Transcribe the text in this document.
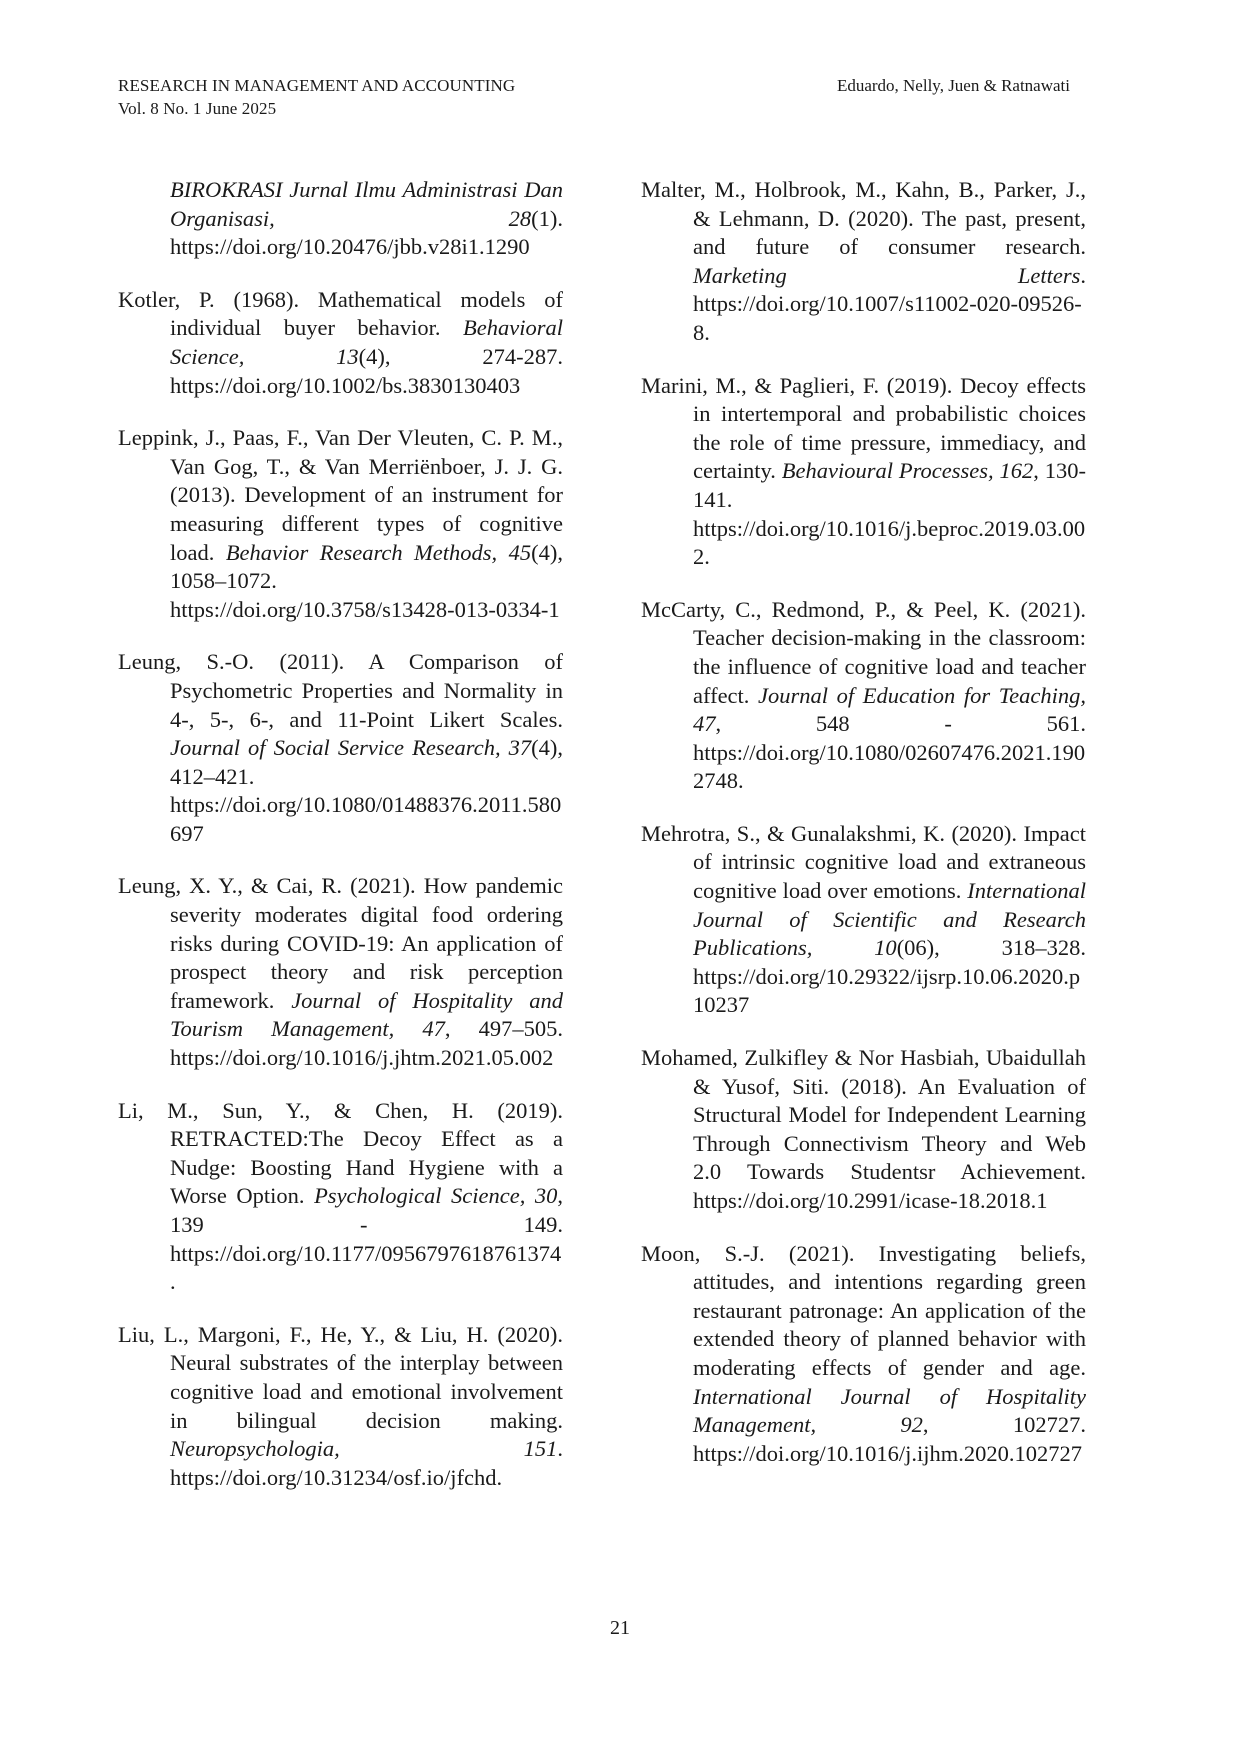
RESEARCH IN MANAGEMENT AND ACCOUNTING
Vol. 8 No. 1 June 2025
Eduardo, Nelly, Juen & Ratnawati

BIROKRASI Jurnal Ilmu Administrasi Dan Organisasi, 28(1). https://doi.org/10.20476/jbb.v28i1.1290

Kotler, P. (1968). Mathematical models of individual buyer behavior. Behavioral Science, 13(4), 274-287. https://doi.org/10.1002/bs.3830130403

Leppink, J., Paas, F., Van Der Vleuten, C. P. M., Van Gog, T., & Van Merriënboer, J. J. G. (2013). Development of an instrument for measuring different types of cognitive load. Behavior Research Methods, 45(4), 1058–1072. https://doi.org/10.3758/s13428-013-0334-1

Leung, S.-O. (2011). A Comparison of Psychometric Properties and Normality in 4-, 5-, 6-, and 11-Point Likert Scales. Journal of Social Service Research, 37(4), 412–421. https://doi.org/10.1080/01488376.2011.580697

Leung, X. Y., & Cai, R. (2021). How pandemic severity moderates digital food ordering risks during COVID-19: An application of prospect theory and risk perception framework. Journal of Hospitality and Tourism Management, 47, 497–505. https://doi.org/10.1016/j.jhtm.2021.05.002

Li, M., Sun, Y., & Chen, H. (2019). RETRACTED:The Decoy Effect as a Nudge: Boosting Hand Hygiene with a Worse Option. Psychological Science, 30, 139 - 149. https://doi.org/10.1177/0956797618761374.

Liu, L., Margoni, F., He, Y., & Liu, H. (2020). Neural substrates of the interplay between cognitive load and emotional involvement in bilingual decision making. Neuropsychologia, 151. https://doi.org/10.31234/osf.io/jfchd.

Malter, M., Holbrook, M., Kahn, B., Parker, J., & Lehmann, D. (2020). The past, present, and future of consumer research. Marketing Letters. https://doi.org/10.1007/s11002-020-09526-8.

Marini, M., & Paglieri, F. (2019). Decoy effects in intertemporal and probabilistic choices the role of time pressure, immediacy, and certainty. Behavioural Processes, 162, 130-141. https://doi.org/10.1016/j.beproc.2019.03.002.

McCarty, C., Redmond, P., & Peel, K. (2021). Teacher decision-making in the classroom: the influence of cognitive load and teacher affect. Journal of Education for Teaching, 47, 548 - 561. https://doi.org/10.1080/02607476.2021.1902748.

Mehrotra, S., & Gunalakshmi, K. (2020). Impact of intrinsic cognitive load and extraneous cognitive load over emotions. International Journal of Scientific and Research Publications, 10(06), 318–328. https://doi.org/10.29322/ijsrp.10.06.2020.p10237

Mohamed, Zulkifley & Nor Hasbiah, Ubaidullah & Yusof, Siti. (2018). An Evaluation of Structural Model for Independent Learning Through Connectivism Theory and Web 2.0 Towards Studentsr Achievement. https://doi.org/10.2991/icase-18.2018.1

Moon, S.-J. (2021). Investigating beliefs, attitudes, and intentions regarding green restaurant patronage: An application of the extended theory of planned behavior with moderating effects of gender and age. International Journal of Hospitality Management, 92, 102727. https://doi.org/10.1016/j.ijhm.2020.102727

21
